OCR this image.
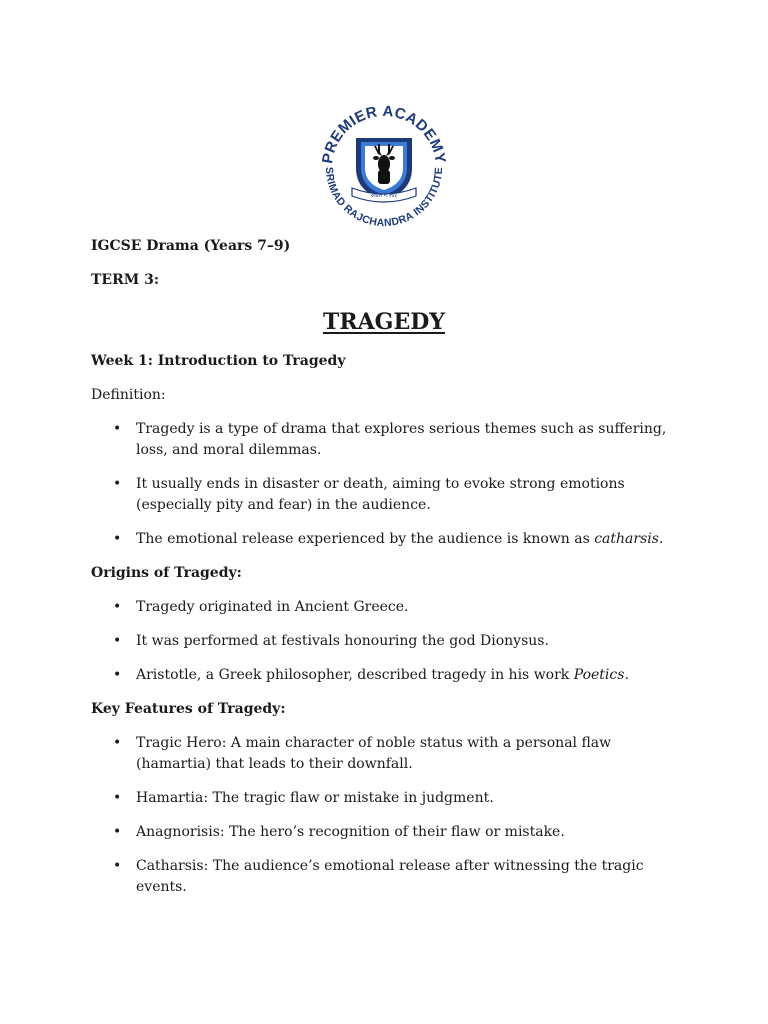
PREMIER ACADEMY
SRIMAD RAJCHANDRA INSTITUTE
સ્વામ ને માર

IGCSE Drama (Years 7–9)

TERM 3:

TRAGEDY

Week 1: Introduction to Tragedy

Definition:

• Tragedy is a type of drama that explores serious themes such as suffering, loss, and moral dilemmas.
• It usually ends in disaster or death, aiming to evoke strong emotions (especially pity and fear) in the audience.
• The emotional release experienced by the audience is known as catharsis.

Origins of Tragedy:

• Tragedy originated in Ancient Greece.
• It was performed at festivals honouring the god Dionysus.
• Aristotle, a Greek philosopher, described tragedy in his work Poetics.

Key Features of Tragedy:

• Tragic Hero: A main character of noble status with a personal flaw (hamartia) that leads to their downfall.
• Hamartia: The tragic flaw or mistake in judgment.
• Anagnorisis: The hero’s recognition of their flaw or mistake.
• Catharsis: The audience’s emotional release after witnessing the tragic events.
